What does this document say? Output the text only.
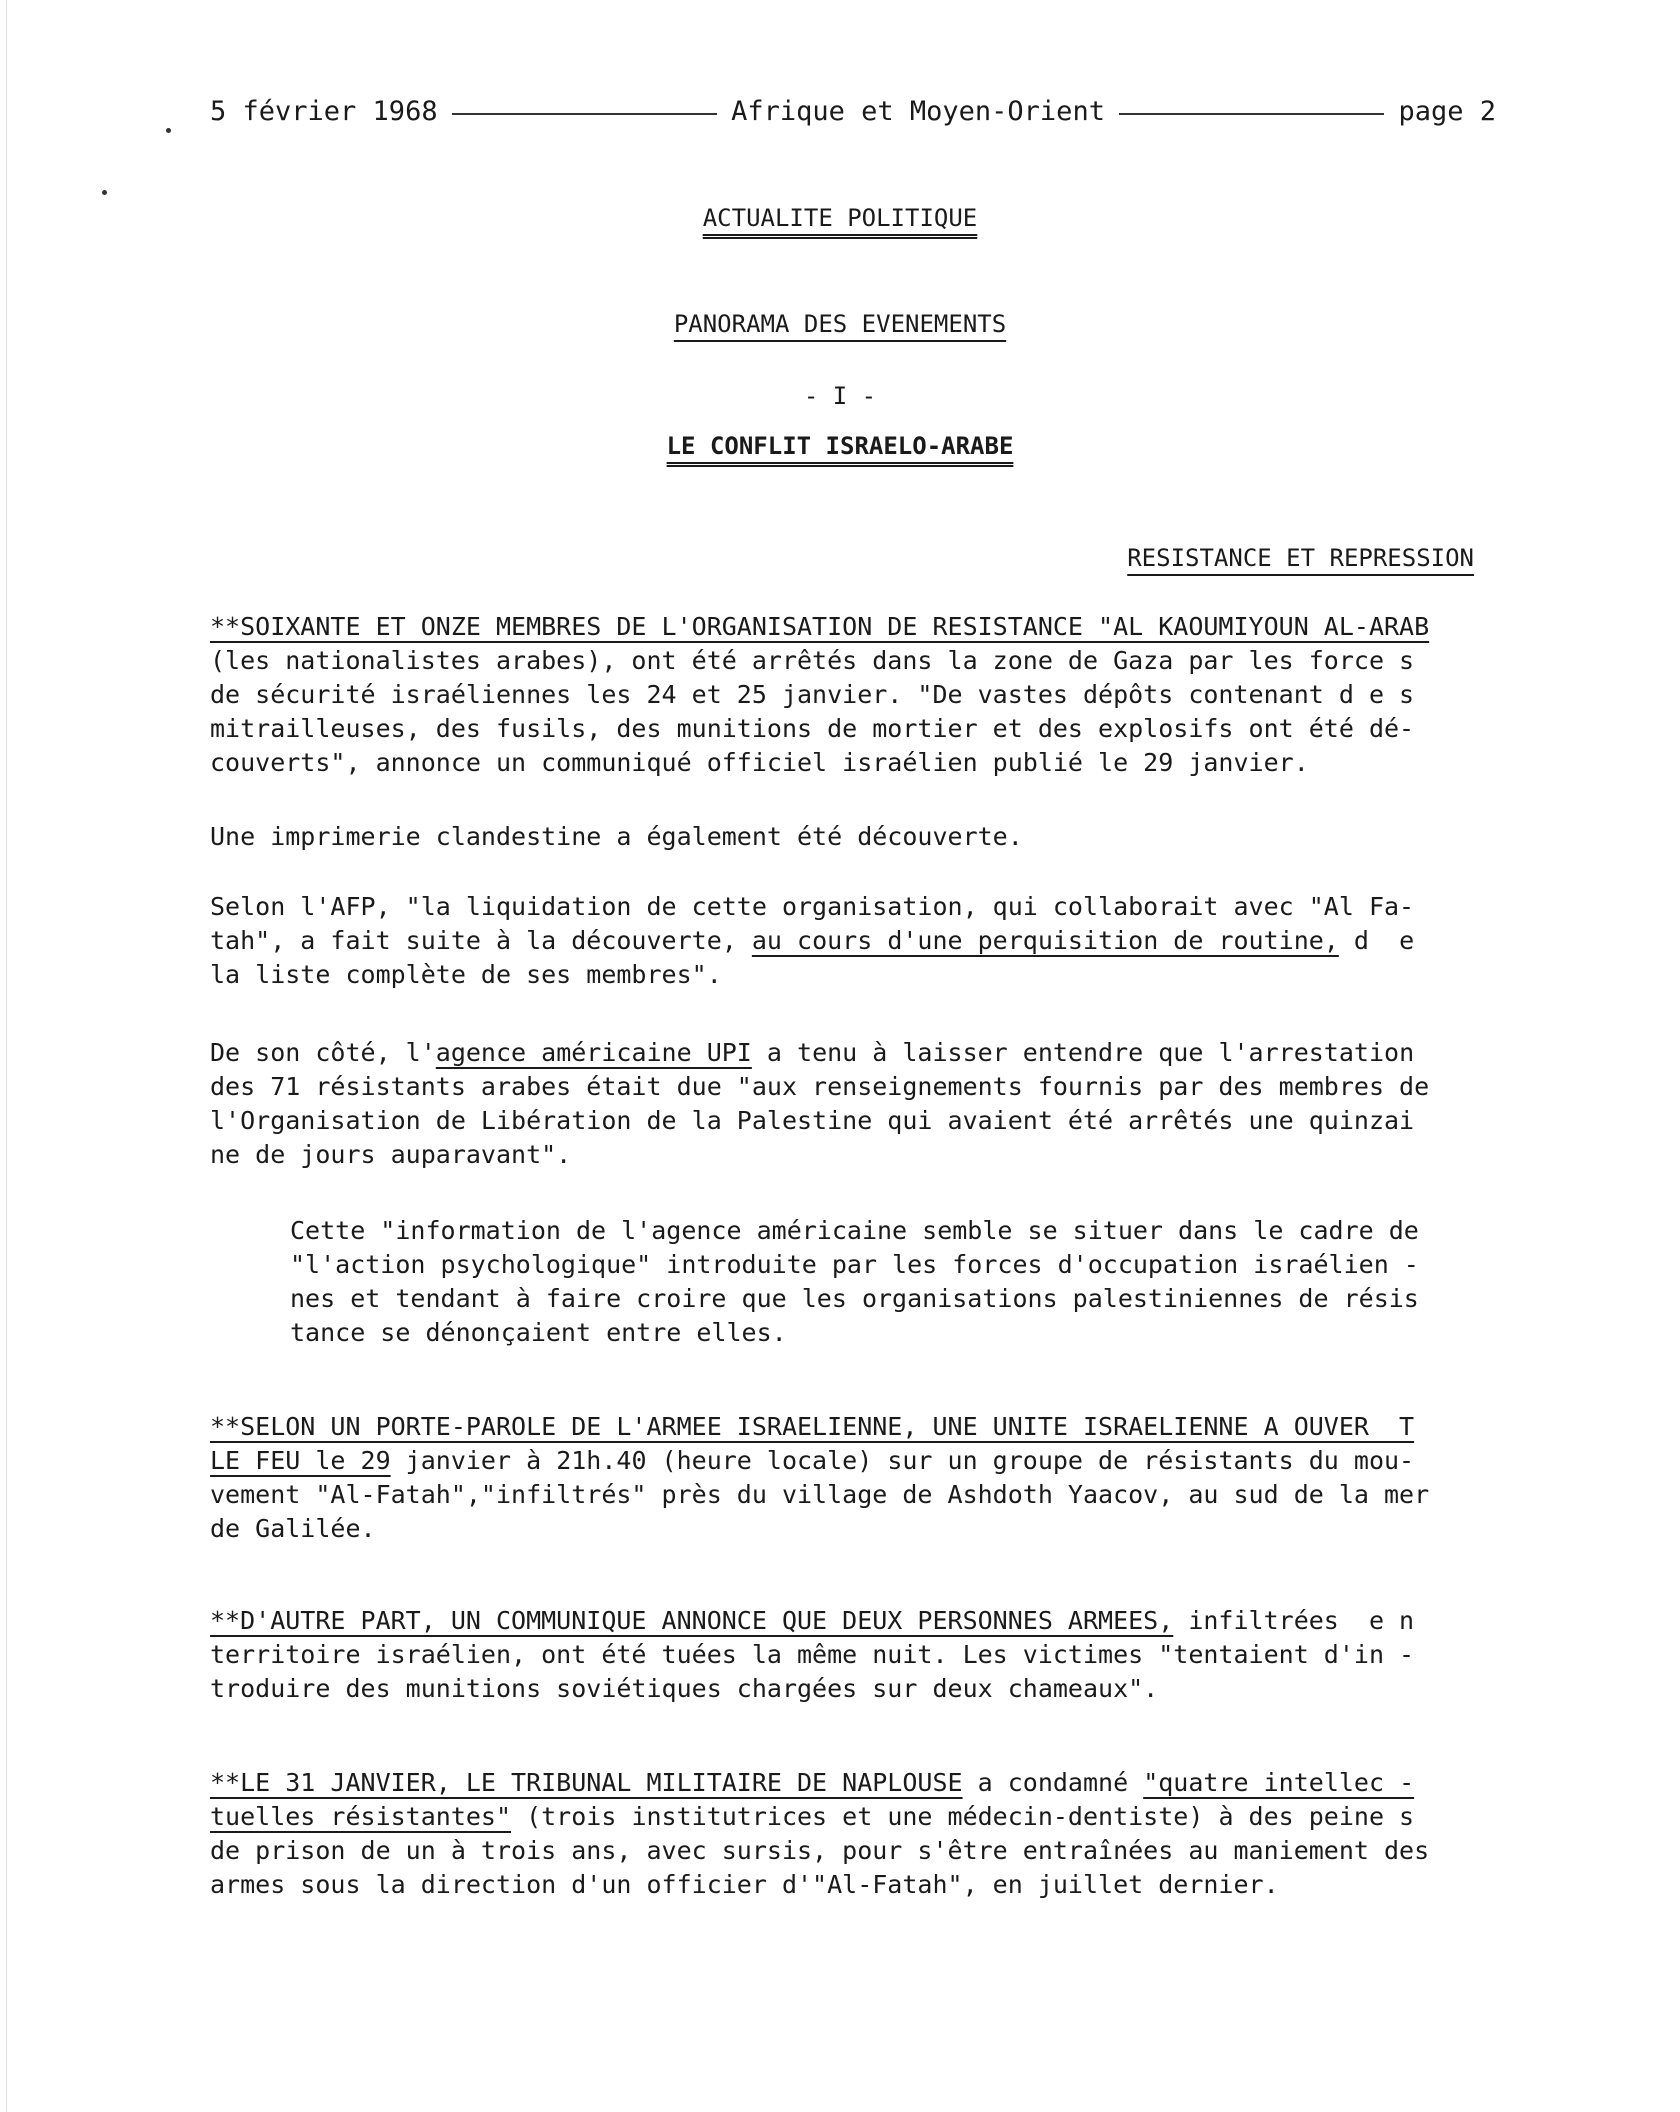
5 février 1968	Afrique et Moyen-Orient	page 2
ACTUALITE POLITIQUE
PANORAMA DES EVENEMENTS
- I -
LE CONFLIT ISRAELO-ARABE
RESISTANCE ET REPRESSION

**SOIXANTE ET ONZE MEMBRES DE L'ORGANISATION DE RESISTANCE "AL KAOUMIYOUN AL-ARAB
(les nationalistes arabes), ont été arrêtés dans la zone de Gaza par les force s
de sécurité israéliennes les 24 et 25 janvier. "De vastes dépôts contenant d e s
mitrailleuses, des fusils, des munitions de mortier et des explosifs ont été dé-
couverts", annonce un communiqué officiel israélien publié le 29 janvier.

Une imprimerie clandestine a également été découverte.

Selon l'AFP, "la liquidation de cette organisation, qui collaborait avec "Al Fa-
tah", a fait suite à la découverte, au cours d'une perquisition de routine, d  e
la liste complète de ses membres".

De son côté, l'agence américaine UPI a tenu à laisser entendre que l'arrestation
des 71 résistants arabes était due "aux renseignements fournis par des membres de
l'Organisation de Libération de la Palestine qui avaient été arrêtés une quinzai
ne de jours auparavant".

Cette "information de l'agence américaine semble se situer dans le cadre de
"l'action psychologique" introduite par les forces d'occupation israélien -
nes et tendant à faire croire que les organisations palestiniennes de résis
tance se dénonçaient entre elles.

**SELON UN PORTE-PAROLE DE L'ARMEE ISRAELIENNE, UNE UNITE ISRAELIENNE A OUVER  T
LE FEU le 29 janvier à 21h.40 (heure locale) sur un groupe de résistants du mou-
vement "Al-Fatah","infiltrés" près du village de Ashdoth Yaacov, au sud de la mer
de Galilée.

**D'AUTRE PART, UN COMMUNIQUE ANNONCE QUE DEUX PERSONNES ARMEES, infiltrées  e n
territoire israélien, ont été tuées la même nuit. Les victimes "tentaient d'in -
troduire des munitions soviétiques chargées sur deux chameaux".

**LE 31 JANVIER, LE TRIBUNAL MILITAIRE DE NAPLOUSE a condamné "quatre intellec -
tuelles résistantes" (trois institutrices et une médecin-dentiste) à des peine s
de prison de un à trois ans, avec sursis, pour s'être entraînées au maniement des
armes sous la direction d'un officier d'"Al-Fatah", en juillet dernier.
